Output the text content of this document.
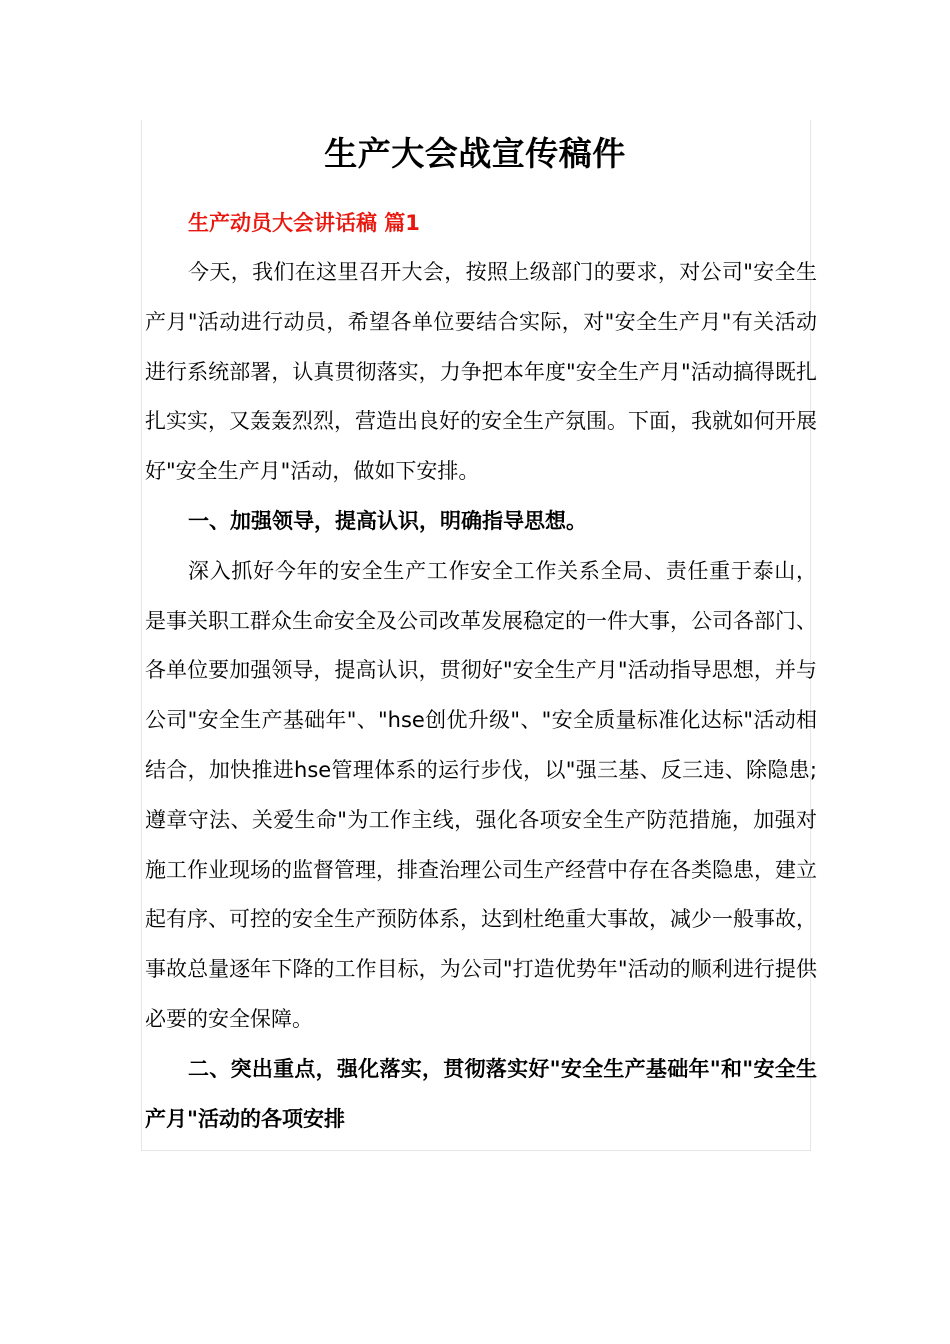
生产大会战宣传稿件
生产动员大会讲话稿 篇1

今天，我们在这里召开大会，按照上级部门的要求，对公司"安全生产月"活动进行动员，希望各单位要结合实际，对"安全生产月"有关活动进行系统部署，认真贯彻落实，力争把本年度"安全生产月"活动搞得既扎扎实实，又轰轰烈烈，营造出良好的安全生产氛围。下面，我就如何开展好"安全生产月"活动，做如下安排。

一、加强领导，提高认识，明确指导思想。

深入抓好今年的安全生产工作安全工作关系全局、责任重于泰山，是事关职工群众生命安全及公司改革发展稳定的一件大事，公司各部门、各单位要加强领导，提高认识，贯彻好"安全生产月"活动指导思想，并与公司"安全生产基础年"、"hse创优升级"、"安全质量标准化达标"活动相结合，加快推进hse管理体系的运行步伐，以"强三基、反三违、除隐患;遵章守法、关爱生命"为工作主线，强化各项安全生产防范措施，加强对施工作业现场的监督管理，排查治理公司生产经营中存在各类隐患，建立起有序、可控的安全生产预防体系，达到杜绝重大事故，减少一般事故，事故总量逐年下降的工作目标，为公司"打造优势年"活动的顺利进行提供必要的安全保障。

二、突出重点，强化落实，贯彻落实好"安全生产基础年"和"安全生产月"活动的各项安排
